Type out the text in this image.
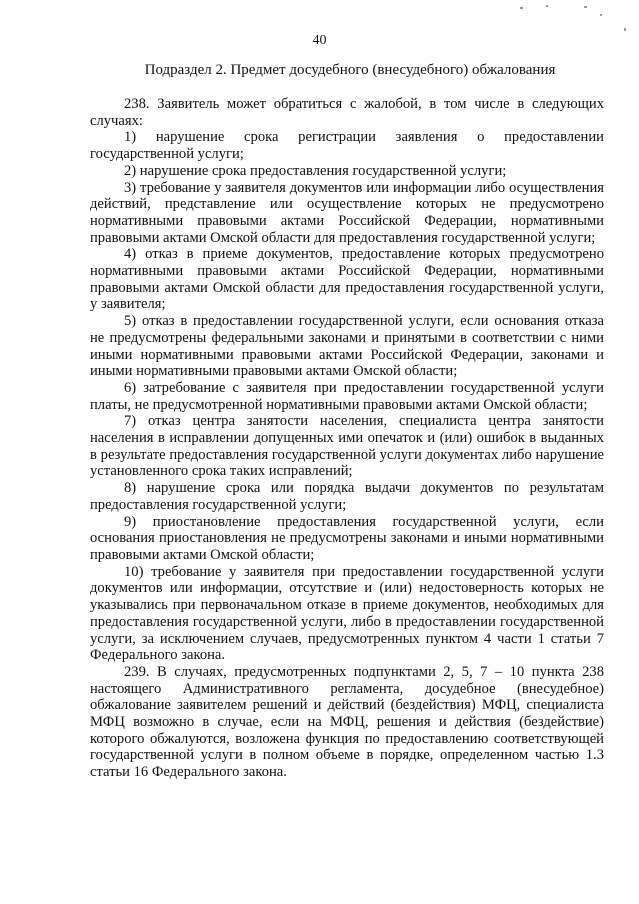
40
Подраздел 2. Предмет досудебного (внесудебного) обжалования

238. Заявитель может обратиться с жалобой, в том числе в следующих случаях:

1) нарушение срока регистрации заявления о предоставлении государственной услуги;

2) нарушение срока предоставления государственной услуги;

3) требование у заявителя документов или информации либо осуществления действий, представление или осуществление которых не предусмотрено нормативными правовыми актами Российской Федерации, нормативными правовыми актами Омской области для предоставления государственной услуги;

4) отказ в приеме документов, предоставление которых предусмотрено нормативными правовыми актами Российской Федерации, нормативными правовыми актами Омской области для предоставления государственной услуги, у заявителя;

5) отказ в предоставлении государственной услуги, если основания отказа не предусмотрены федеральными законами и принятыми в соответствии с ними иными нормативными правовыми актами Российской Федерации, законами и иными нормативными правовыми актами Омской области;

6) затребование с заявителя при предоставлении государственной услуги платы, не предусмотренной нормативными правовыми актами Омской области;

7) отказ центра занятости населения, специалиста центра занятости населения в исправлении допущенных ими опечаток и (или) ошибок в выданных в результате предоставления государственной услуги документах либо нарушение установленного срока таких исправлений;

8) нарушение срока или порядка выдачи документов по результатам предоставления государственной услуги;

9) приостановление предоставления государственной услуги, если основания приостановления не предусмотрены законами и иными нормативными правовыми актами Омской области;

10) требование у заявителя при предоставлении государственной услуги документов или информации, отсутствие и (или) недостоверность которых не указывались при первоначальном отказе в приеме документов, необходимых для предоставления государственной услуги, либо в предоставлении государственной услуги, за исключением случаев, предусмотренных пунктом 4 части 1 статьи 7 Федерального закона.

239. В случаях, предусмотренных подпунктами 2, 5, 7 – 10 пункта 238 настоящего Административного регламента, досудебное (внесудебное) обжалование заявителем решений и действий (бездействия) МФЦ, специалиста МФЦ возможно в случае, если на МФЦ, решения и действия (бездействие) которого обжалуются, возложена функция по предоставлению соответствующей государственной услуги в полном объеме в порядке, определенном частью 1.3 статьи 16 Федерального закона.
